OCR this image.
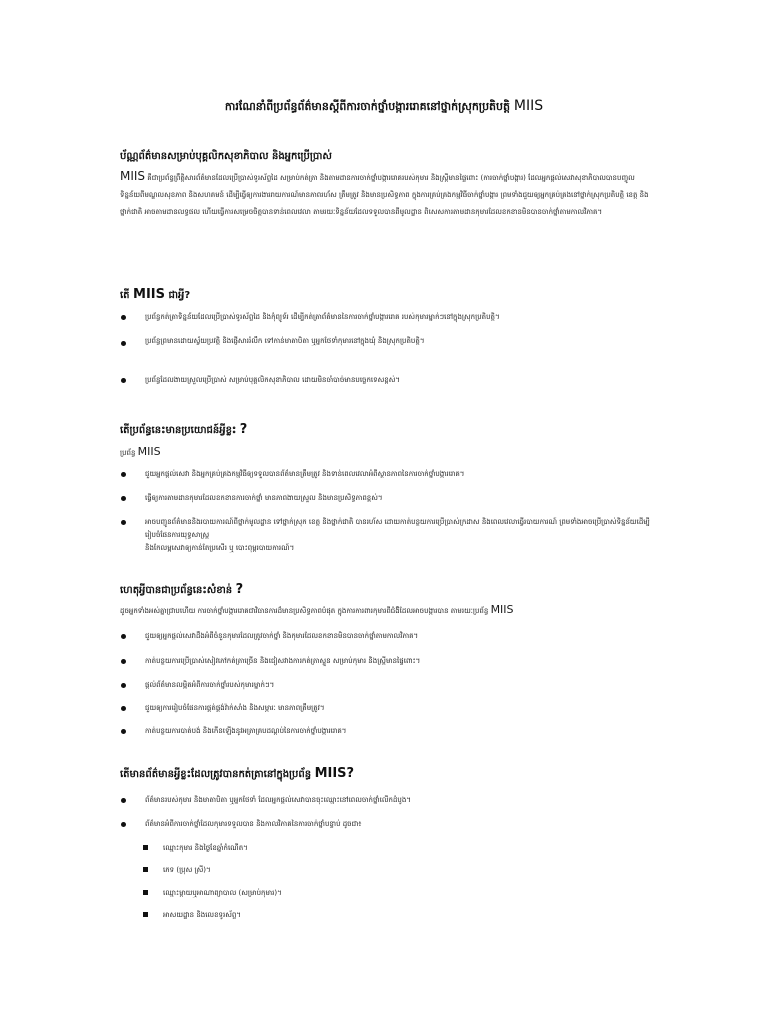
ការណែនាំពីប្រព័ន្ធព័ត៌មានស្តីពីការចាក់ថ្នាំបង្ការរោគនៅថ្នាក់ស្រុកប្រតិបត្តិ MIIS
ប័ណ្ណព័ត៌មានសម្រាប់បុគ្គលិកសុខាភិបាល និងអ្នកប្រើប្រាស់
MIIS គឺជាប្រព័ន្ធព្រឹត្តិសារព័ត៌មានដែលប្រើប្រាស់ទូរស័ព្ទដៃ សម្រាប់កត់ត្រា និងតាមដានការចាក់ថ្នាំបង្ការរោគរបស់កុមារ និងស្ត្រីមានផ្ទៃពោះ (ការចាក់ថ្នាំបង្ការ) ដែលអ្នកផ្តល់សេវាសុខាភិបាលបានបញ្ចូលទិន្នន័យពីមណ្ឌលសុខភាព និងសហគមន៍ ដើម្បីធ្វើឲ្យការងាររាយការណ៍មានភាពរហ័ស ត្រឹមត្រូវ និងមានប្រសិទ្ធភាព ក្នុងការគ្រប់គ្រងកម្មវិធីចាក់ថ្នាំបង្ការ ព្រមទាំងជួយឲ្យអ្នកគ្រប់គ្រងនៅថ្នាក់ស្រុកប្រតិបត្តិ ខេត្ត និងថ្នាក់ជាតិ អាចតាមដានលទ្ធផល ហើយធ្វើការសម្រេចចិត្តបានទាន់ពេលវេលា តាមរយៈទិន្នន័យដែលទទួលបានពីមូលដ្ឋាន ពិសេសការតាមដានកុមារដែលខកខានមិនបានចាក់ថ្នាំតាមកាលវិភាគ។
តើ MIIS ជាអ្វី?
ប្រព័ន្ធកត់ត្រាទិន្នន័យដែលប្រើប្រាស់ទូរស័ព្ទដៃ និងកុំព្យូទ័រ ដើម្បីកត់ត្រាព័ត៌មាននៃការចាក់ថ្នាំបង្ការរោគ របស់កុមារម្នាក់ៗនៅក្នុងស្រុកប្រតិបត្តិ។
ប្រព័ន្ធព្រមានដោយស្វ័យប្រវត្តិ និងផ្ញើសាររំលឹក ទៅកាន់មាតាបិតា ឬអ្នកថែទាំកុមារនៅក្នុងឃុំ និងស្រុកប្រតិបត្តិ។
ប្រព័ន្ធដែលងាយស្រួលប្រើប្រាស់ សម្រាប់បុគ្គលិកសុខាភិបាល ដោយមិនចាំបាច់មានបច្ចេកទេសខ្ពស់។
តើប្រព័ន្ធនេះមានប្រយោជន៍អ្វីខ្លះ ?
ប្រព័ន្ធ MIIS
ជួយអ្នកផ្តល់សេវា និងអ្នកគ្រប់គ្រងកម្មវិធីឲ្យទទួលបានព័ត៌មានត្រឹមត្រូវ និងទាន់ពេលវេលាអំពីស្ថានភាពនៃការចាក់ថ្នាំបង្ការរោគ។
ធ្វើឲ្យការតាមដានកុមារដែលខកខានការចាក់ថ្នាំ មានភាពងាយស្រួល និងមានប្រសិទ្ធភាពខ្ពស់។
អាចបញ្ជូនព័ត៌មាននិងរបាយការណ៍ពីថ្នាក់មូលដ្ឋាន ទៅថ្នាក់ស្រុក ខេត្ត និងថ្នាក់ជាតិ បានរហ័ស ដោយកាត់បន្ថយការប្រើប្រាស់ក្រដាស និងពេលវេលាធ្វើរបាយការណ៍ ព្រមទាំងអាចប្រើប្រាស់ទិន្នន័យដើម្បីរៀបចំផែនការយុទ្ធសាស្ត្រ
និងកែលម្អសេវាឲ្យកាន់តែប្រសើរ ឬ បោះពុម្ពរបាយការណ៍។
ហេតុអ្វីបានជាប្រព័ន្ធនេះសំខាន់ ?
ដូចអ្នកទាំងអស់គ្នាជ្រាបហើយ ការចាក់ថ្នាំបង្ការរោគជាវិធានការដ៏មានប្រសិទ្ធភាពបំផុត ក្នុងការការពារកុមារពីជំងឺដែលអាចបង្ការបាន តាមរយៈប្រព័ន្ធ MIIS
ជួយឲ្យអ្នកផ្តល់សេវាដឹងអំពីចំនួនកុមារដែលត្រូវចាក់ថ្នាំ និងកុមារដែលខកខានមិនបានចាក់ថ្នាំតាមកាលវិភាគ។
កាត់បន្ថយការប្រើប្រាស់សៀវភៅកត់ត្រាច្រើន និងជៀសវាងការកត់ត្រាស្ទួន សម្រាប់កុមារ និងស្ត្រីមានផ្ទៃពោះ។
ផ្តល់ព័ត៌មានលម្អិតអំពីការចាក់ថ្នាំរបស់កុមារម្នាក់ៗ។
ជួយឲ្យការរៀបចំផែនការផ្គត់ផ្គង់វ៉ាក់សាំង និងសម្ភារៈ មានភាពត្រឹមត្រូវ។
កាត់បន្ថយការបាត់បង់ និងកើនឡើងនូវអត្រាគ្របដណ្តប់នៃការចាក់ថ្នាំបង្ការរោគ។
តើមានព័ត៌មានអ្វីខ្លះដែលត្រូវបានកត់ត្រានៅក្នុងប្រព័ន្ធ MIIS?
ព័ត៌មានរបស់កុមារ និងមាតាបិតា ឬអ្នកថែទាំ ដែលអ្នកផ្តល់សេវាបានចុះឈ្មោះនៅពេលចាក់ថ្នាំលើកដំបូង។
ព័ត៌មានអំពីការចាក់ថ្នាំដែលកុមារទទួលបាន និងកាលវិភាគនៃការចាក់ថ្នាំបន្ទាប់ ដូចជា៖
ឈ្មោះកុមារ និងថ្ងៃខែឆ្នាំកំណើត។
ភេទ (ប្រុស ស្រី)។
ឈ្មោះម្តាយឬអាណាព្យាបាល (សម្រាប់កុមារ)។
អាសយដ្ឋាន និងលេខទូរស័ព្ទ។
